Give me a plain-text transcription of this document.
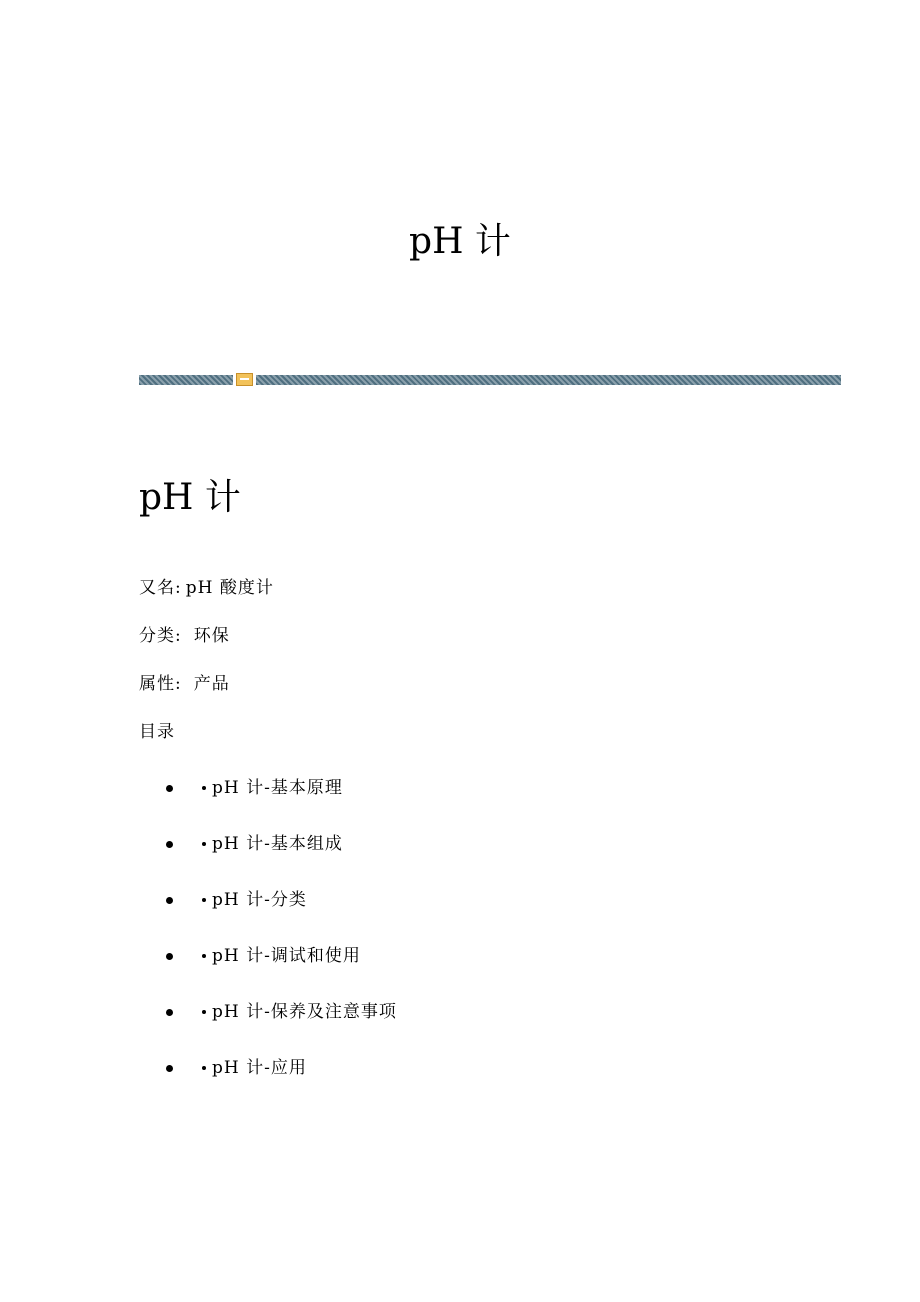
pH 计
pH 计
又名: pH 酸度计
分类: 环保
属性: 产品
目录
pH 计-基本原理
pH 计-基本组成
pH 计-分类
pH 计-调试和使用
pH 计-保养及注意事项
pH 计-应用
